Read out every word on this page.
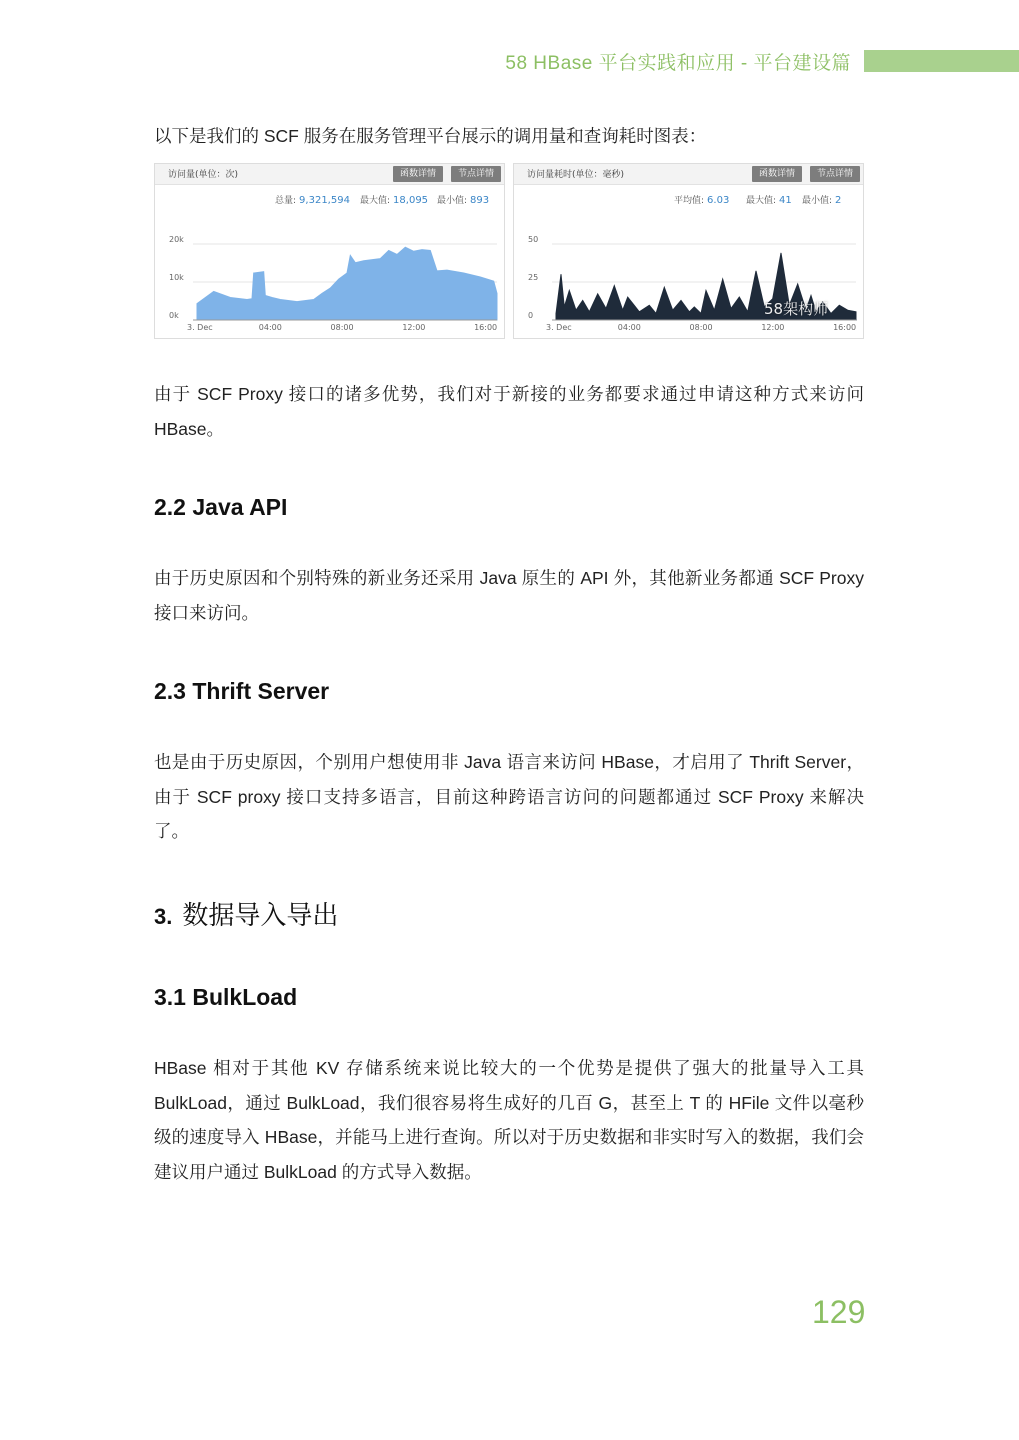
58 HBase 平台实践和应用 - 平台建设篇

以下是我们的 SCF 服务在服务管理平台展示的调用量和查询耗时图表：

访问量(单位：次)	函数详情	节点详情
总量: 9,321,594 最大值: 18,095 最小值: 893
0k
10k
20k
3. Dec	04:00	08:00	12:00	16:00
访问量耗时(单位：毫秒)	函数详情	节点详情
平均值: 6.03 最大值: 41 最小值: 2
0
25
50
3. Dec	04:00	08:00	12:00	16:00
58架构师

由于 SCF Proxy 接口的诸多优势，我们对于新接的业务都要求通过申请这种方式来访问 HBase。

2.2 Java API

由于历史原因和个别特殊的新业务还采用 Java 原生的 API 外，其他新业务都通 SCF Proxy 接口来访问。

2.3 Thrift Server

也是由于历史原因，个别用户想使用非 Java 语言来访问 HBase，才启用了 Thrift Server，由于 SCF proxy 接口支持多语言，目前这种跨语言访问的问题都通过 SCF Proxy 来解决了。

3. 数据导入导出
3.1 BulkLoad

HBase 相对于其他 KV 存储系统来说比较大的一个优势是提供了强大的批量导入工具 BulkLoad，通过 BulkLoad，我们很容易将生成好的几百 G，甚至上 T 的 HFile 文件以毫秒级的速度导入 HBase，并能马上进行查询。所以对于历史数据和非实时写入的数据，我们会建议用户通过 BulkLoad 的方式导入数据。

129
